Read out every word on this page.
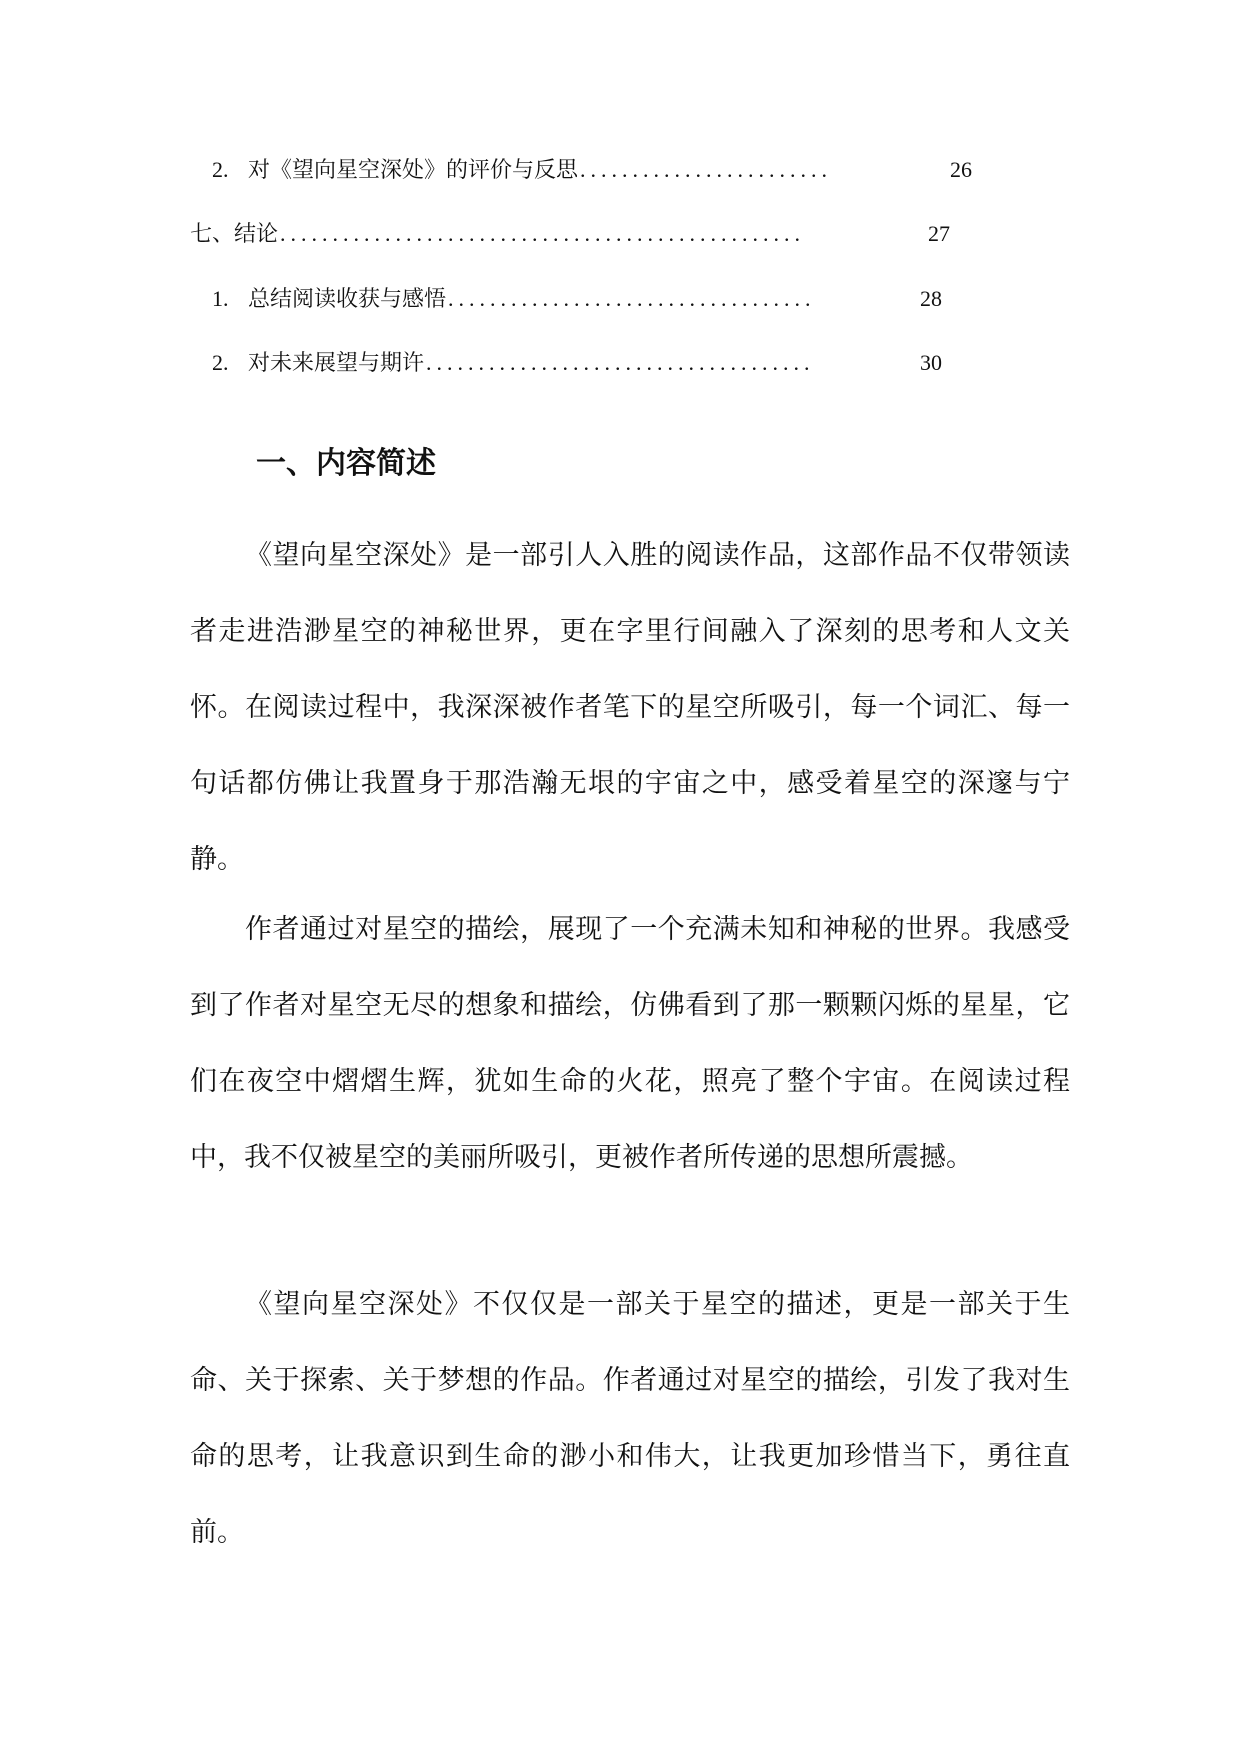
2. 对《望向星空深处》的评价与反思 ........................	26
七、结论 ..................................................	27
1. 总结阅读收获与感悟 ...................................	28
2. 对未来展望与期许 .....................................	30
一、内容简述

《望向星空深处》是一部引人入胜的阅读作品，这部作品不仅带领读者走进浩渺星空的神秘世界，更在字里行间融入了深刻的思考和人文关怀。在阅读过程中，我深深被作者笔下的星空所吸引，每一个词汇、每一句话都仿佛让我置身于那浩瀚无垠的宇宙之中，感受着星空的深邃与宁静。

作者通过对星空的描绘，展现了一个充满未知和神秘的世界。我感受到了作者对星空无尽的想象和描绘，仿佛看到了那一颗颗闪烁的星星，它们在夜空中熠熠生辉，犹如生命的火花，照亮了整个宇宙。在阅读过程中，我不仅被星空的美丽所吸引，更被作者所传递的思想所震撼。

《望向星空深处》不仅仅是一部关于星空的描述，更是一部关于生命、关于探索、关于梦想的作品。作者通过对星空的描绘，引发了我对生命的思考，让我意识到生命的渺小和伟大，让我更加珍惜当下，勇往直前。
